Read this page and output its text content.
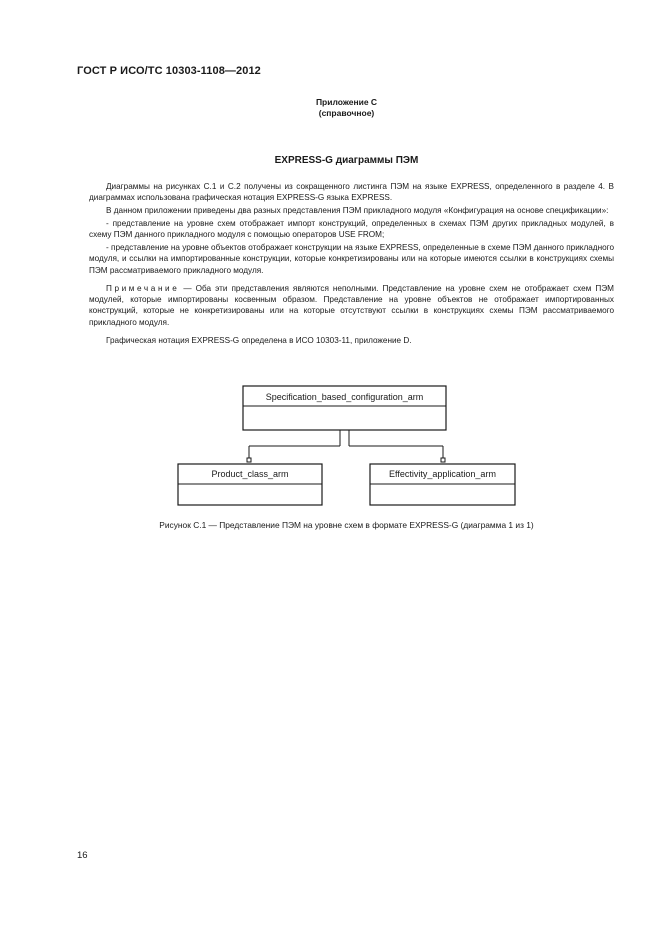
ГОСТ Р ИСО/ТС 10303-1108—2012
Приложение С
(справочное)
EXPRESS-G диаграммы ПЭМ

Диаграммы на рисунках С.1 и С.2 получены из сокращенного листинга ПЭМ на языке EXPRESS, определенного в разделе 4. В диаграммах использована графическая нотация EXPRESS-G языка EXPRESS.

В данном приложении приведены два разных представления ПЭМ прикладного модуля «Конфигурация на основе спецификации»:

- представление на уровне схем отображает импорт конструкций, определенных в схемах ПЭМ других прикладных модулей, в схему ПЭМ данного прикладного модуля с помощью операторов USE FROM;

- представление на уровне объектов отображает конструкции на языке EXPRESS, определенные в схеме ПЭМ данного прикладного модуля, и ссылки на импортированные конструкции, которые конкретизированы или на которые имеются ссылки в конструкциях схемы ПЭМ рассматриваемого прикладного модуля.

Примечание — Оба эти представления являются неполными. Представление на уровне схем не отображает схем ПЭМ модулей, которые импортированы косвенным образом. Представление на уровне объектов не отображает импортированных конструкций, которые не конкретизированы или на которые отсутствуют ссылки в конструкциях схемы ПЭМ рассматриваемого прикладного модуля.

Графическая нотация EXPRESS-G определена в ИСО 10303-11, приложение D.

Specification_based_configuration_arm
Product_class_arm	Effectivity_application_arm
Рисунок С.1 — Представление ПЭМ на уровне схем в формате EXPRESS-G (диаграмма 1 из 1)
16
